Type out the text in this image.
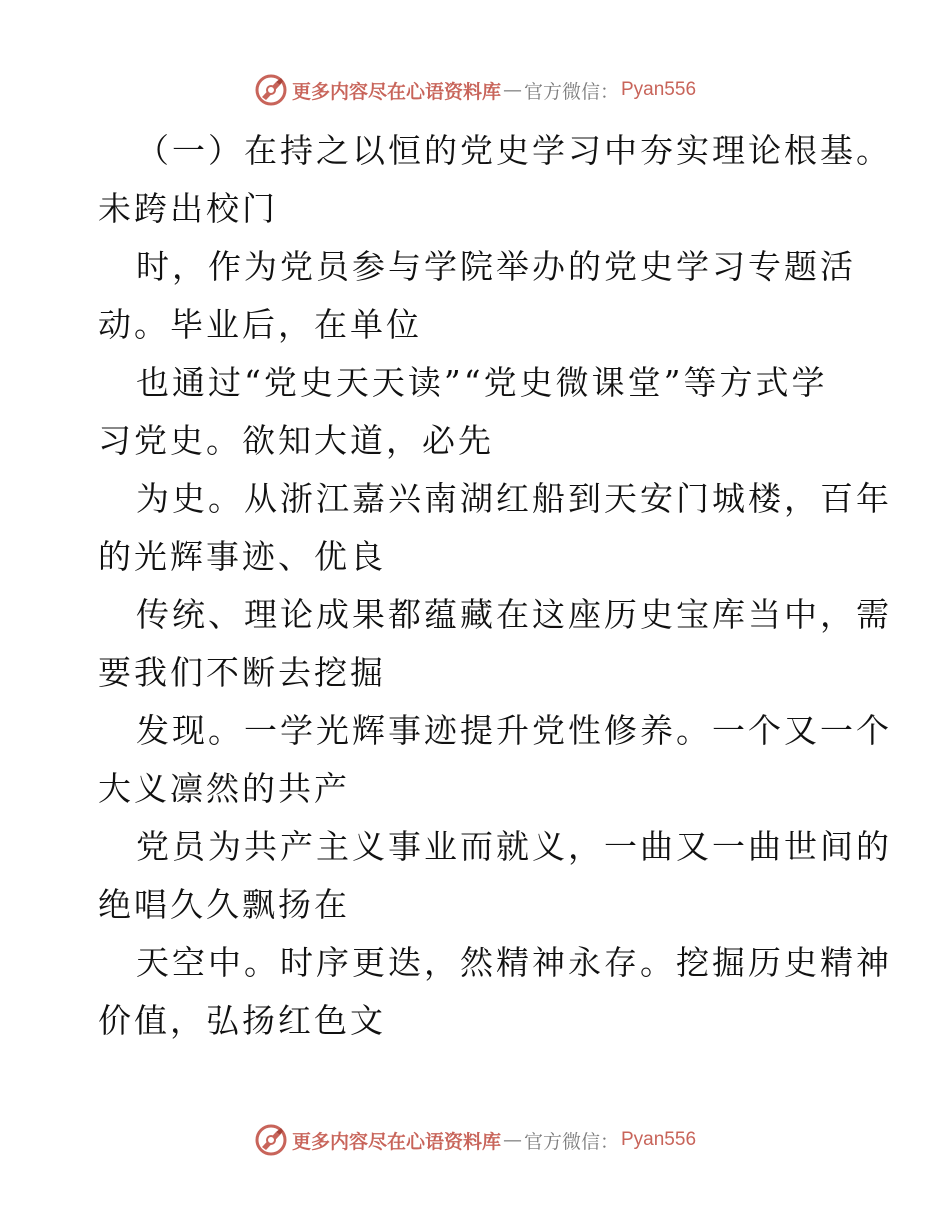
更多内容尽在心语资料库 — 官方微信： Pyan556
（一）在持之以恒的党史学习中夯实理论根基。
未跨出校门
时，作为党员参与学院举办的党史学习专题活
动。毕业后，在单位
也通过“党史天天读”“党史微课堂”等方式学
习党史。欲知大道，必先
为史。从浙江嘉兴南湖红船到天安门城楼，百年
的光辉事迹、优良
传统、理论成果都蕴藏在这座历史宝库当中，需
要我们不断去挖掘
发现。一学光辉事迹提升党性修养。一个又一个
大义凛然的共产
党员为共产主义事业而就义，一曲又一曲世间的
绝唱久久飘扬在
天空中。时序更迭，然精神永存。挖掘历史精神
价值，弘扬红色文
更多内容尽在心语资料库 — 官方微信： Pyan556
